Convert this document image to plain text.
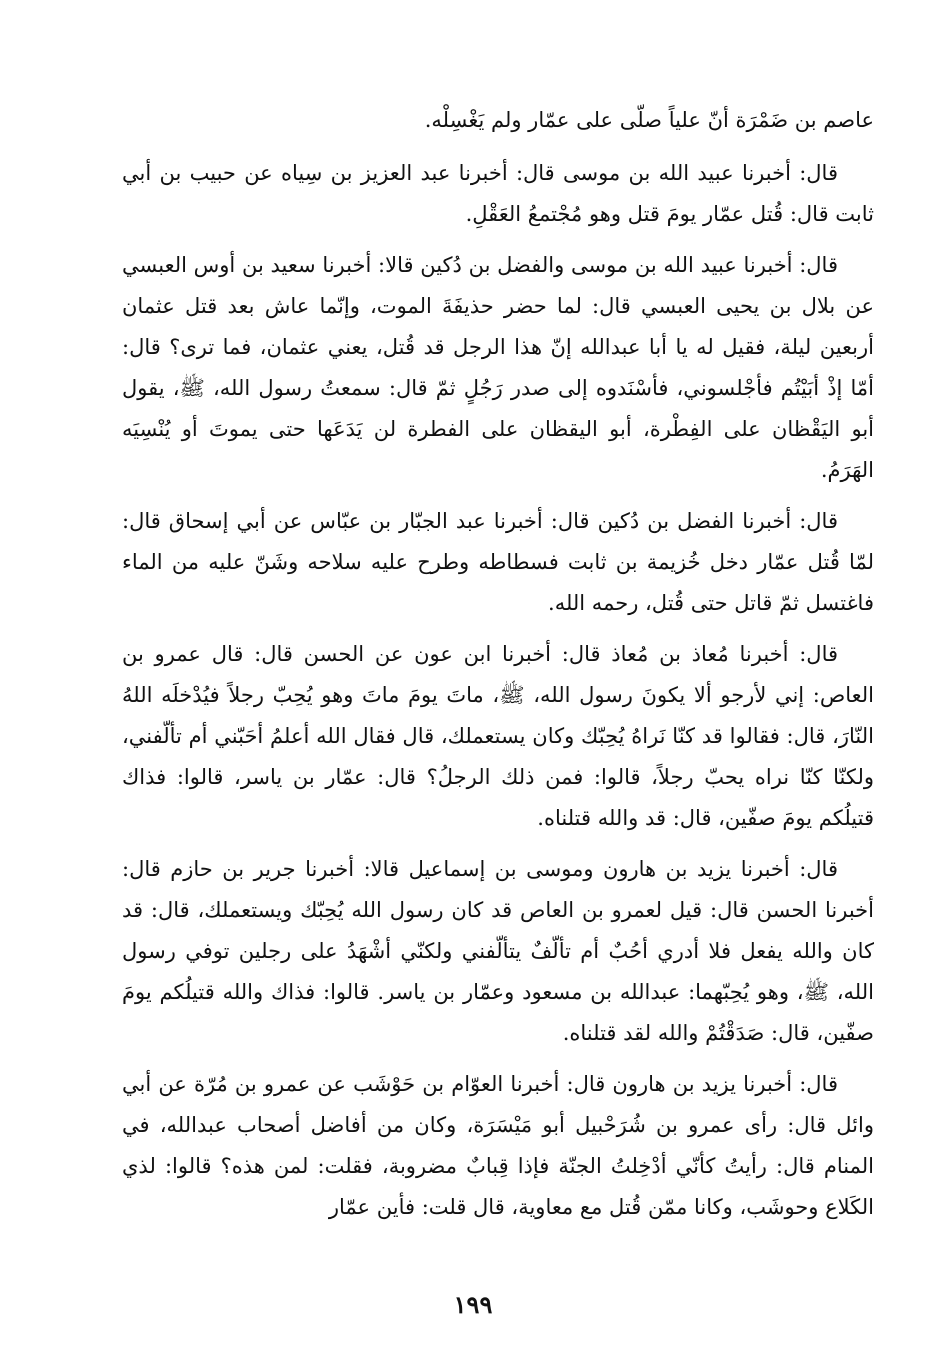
عاصم بن ضَمْرَة أنّ علياً صلّى على عمّار ولم يَغْسِلْه.

قال: أخبرنا عبيد الله بن موسى قال: أخبرنا عبد العزيز بن سِياه عن حبيب بن أبي ثابت قال: قُتل عمّار يومَ قتل وهو مُجْتمعُ العَقْلِ.

قال: أخبرنا عبيد الله بن موسى والفضل بن دُكين قالا: أخبرنا سعيد بن أوس العبسي عن بلال بن يحيى العبسي قال: لما حضر حذيفَةَ الموت، وإنّما عاش بعد قتل عثمان أربعين ليلة، فقيل له يا أبا عبدالله إنّ هذا الرجل قد قُتل، يعني عثمان، فما ترى؟ قال: أمّا إذْ أبَيْتُم فأجْلسوني، فأسْنَدوه إلى صدر رَجُلٍ ثمّ قال: سمعتُ رسول الله، ﷺ، يقول أبو اليَقْظان على الفِطْرة، أبو اليقظان على الفطرة لن يَدَعَها حتى يموتَ أو يُنْسِيَه الهَرَمُ.

قال: أخبرنا الفضل بن دُكين قال: أخبرنا عبد الجبّار بن عبّاس عن أبي إسحاق قال: لمّا قُتل عمّار دخل خُزيمة بن ثابت فسطاطه وطرح عليه سلاحه وشَنّ عليه من الماء فاغتسل ثمّ قاتل حتى قُتل، رحمه الله.

قال: أخبرنا مُعاذ بن مُعاذ قال: أخبرنا ابن عون عن الحسن قال: قال عمرو بن العاص: إني لأرجو ألا يكونَ رسول الله، ﷺ، ماتَ يومَ ماتَ وهو يُحِبّ رجلاً فيُدْخلَه اللهُ النّارَ، قال: فقالوا قد كنّا نَراهُ يُحِبّك وكان يستعملك، قال فقال الله أعلمُ أحَبّني أم تألّفني، ولكنّا كنّا نراه يحبّ رجلاً، قالوا: فمن ذلك الرجلُ؟ قال: عمّار بن ياسر، قالوا: فذاك قتيلُكم يومَ صفّين، قال: قد والله قتلناه.

قال: أخبرنا يزيد بن هارون وموسى بن إسماعيل قالا: أخبرنا جرير بن حازم قال: أخبرنا الحسن قال: قيل لعمرو بن العاص قد كان رسول الله يُحِبّك ويستعملك، قال: قد كان والله يفعل فلا أدري أحُبٌ أم تألّفٌ يتألّفني ولكنّي أشْهَدُ على رجلين توفي رسول الله، ﷺ، وهو يُحِبّهما: عبدالله بن مسعود وعمّار بن ياسر. قالوا: فذاك والله قتيلُكم يومَ صفّين، قال: صَدَقْتُمْ والله لقد قتلناه.

قال: أخبرنا يزيد بن هارون قال: أخبرنا العوّام بن حَوْشَب عن عمرو بن مُرّة عن أبي وائل قال: رأى عمرو بن شُرَحْبيل أبو مَيْسَرَة، وكان من أفاضل أصحاب عبدالله، في المنام قال: رأيتُ كأنّي أدْخِلتُ الجنّة فإذا قِبابٌ مضروبة، فقلت: لمن هذه؟ قالوا: لذي الكَلاع وحوشَب، وكانا ممّن قُتل مع معاوية، قال قلت: فأين عمّار

١٩٩
